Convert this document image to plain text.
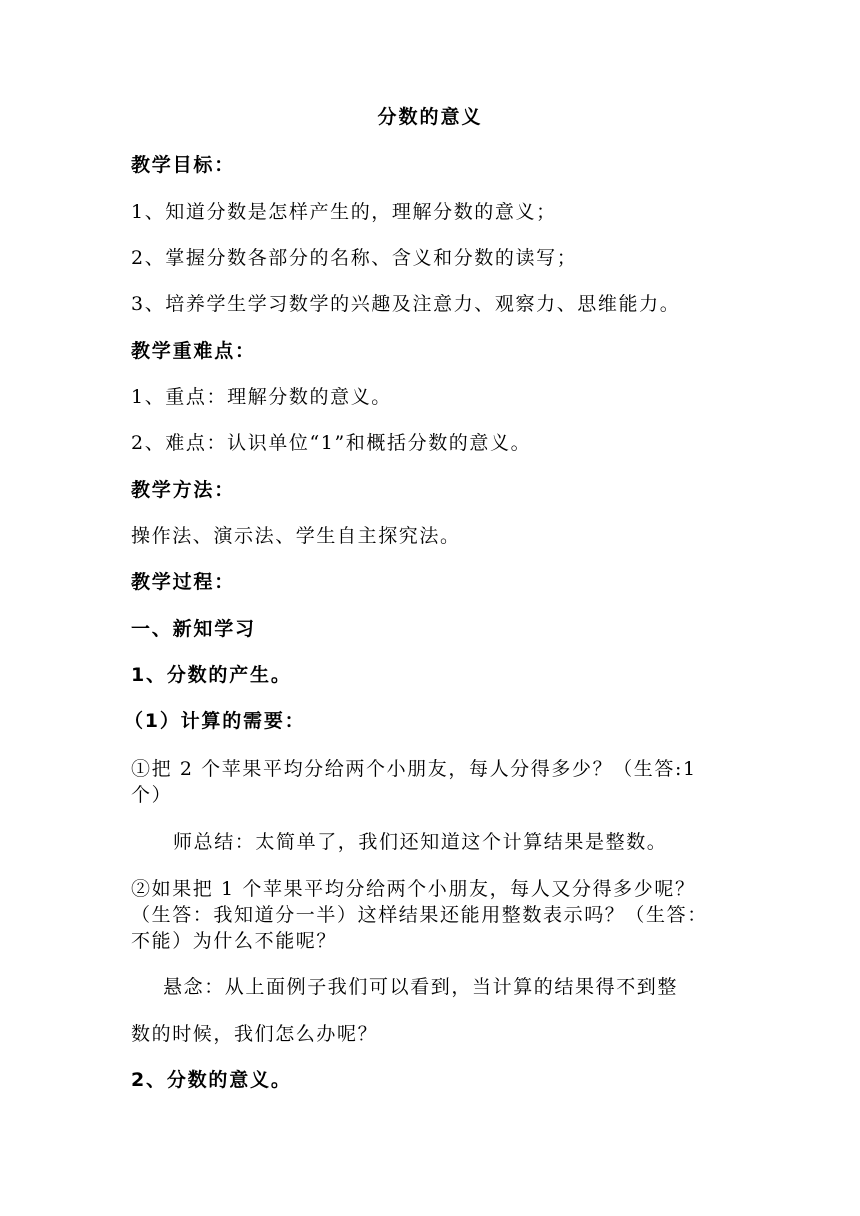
分数的意义
教学目标：
1、知道分数是怎样产生的，理解分数的意义；
2、掌握分数各部分的名称、含义和分数的读写；
3、培养学生学习数学的兴趣及注意力、观察力、思维能力。
教学重难点：
1、重点：理解分数的意义。
2、难点：认识单位“1”和概括分数的意义。
教学方法：
操作法、演示法、学生自主探究法。
教学过程：
一、新知学习
1、分数的产生。
（1）计算的需要：
①把 2 个苹果平均分给两个小朋友，每人分得多少？（生答:1
个）
师总结：太简单了，我们还知道这个计算结果是整数。
②如果把 1 个苹果平均分给两个小朋友，每人又分得多少呢？
（生答：我知道分一半）这样结果还能用整数表示吗？（生答：
不能）为什么不能呢？
悬念：从上面例子我们可以看到，当计算的结果得不到整
数的时候，我们怎么办呢？
2、分数的意义。
